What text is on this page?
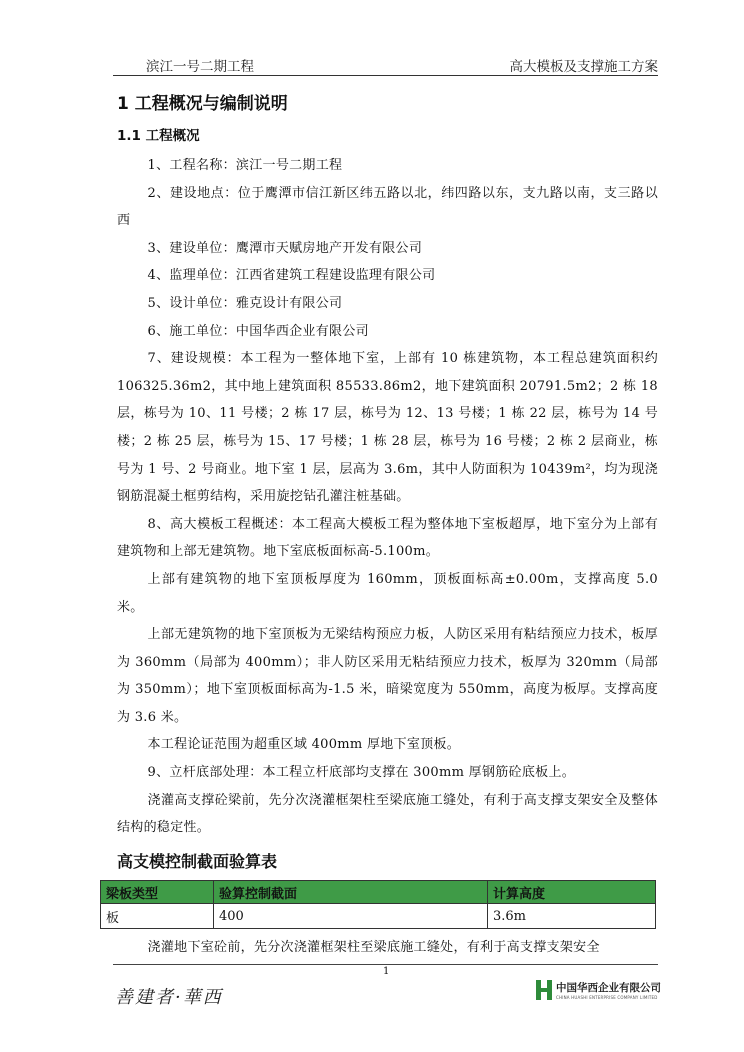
滨江一号二期工程	高大模板及支撑施工方案
1 工程概况与编制说明
1.1 工程概况

1、工程名称：滨江一号二期工程

2、建设地点：位于鹰潭市信江新区纬五路以北，纬四路以东，支九路以南，支三路以西

3、建设单位：鹰潭市天赋房地产开发有限公司

4、监理单位：江西省建筑工程建设监理有限公司

5、设计单位：雅克设计有限公司

6、施工单位：中国华西企业有限公司

7、建设规模：本工程为一整体地下室，上部有 10 栋建筑物，本工程总建筑面积约 106325.36m2，其中地上建筑面积 85533.86m2，地下建筑面积 20791.5m2；2 栋 18 层，栋号为 10、11 号楼；2 栋 17 层，栋号为 12、13 号楼；1 栋 22 层，栋号为 14 号楼；2 栋 25 层，栋号为 15、17 号楼；1 栋 28 层，栋号为 16 号楼；2 栋 2 层商业，栋号为 1 号、2 号商业。地下室 1 层，层高为 3.6m，其中人防面积为 10439m²，均为现浇钢筋混凝土框剪结构，采用旋挖钻孔灌注桩基础。

8、高大模板工程概述：本工程高大模板工程为整体地下室板超厚，地下室分为上部有建筑物和上部无建筑物。地下室底板面标高-5.100m。

上部有建筑物的地下室顶板厚度为 160mm，顶板面标高±0.00m，支撑高度 5.0 米。

上部无建筑物的地下室顶板为无梁结构预应力板，人防区采用有粘结预应力技术，板厚为 360mm（局部为 400mm）；非人防区采用无粘结预应力技术，板厚为 320mm（局部为 350mm）；地下室顶板面标高为-1.5 米，暗梁宽度为 550mm，高度为板厚。支撑高度为 3.6 米。

本工程论证范围为超重区域 400mm 厚地下室顶板。

9、立杆底部处理：本工程立杆底部均支撑在 300mm 厚钢筋砼底板上。

浇灌高支撑砼梁前，先分次浇灌框架柱至梁底施工缝处，有利于高支撑支架安全及整体结构的稳定性。

高支模控制截面验算表
梁板类型	验算控制截面	计算高度
板	400	3.6m

浇灌地下室砼前，先分次浇灌框架柱至梁底施工缝处，有利于高支撑支架安全

1
善建者·華西	中国华西企业有限公司
CHINA HUASHI ENTERPRISE COMPANY LIMITED
